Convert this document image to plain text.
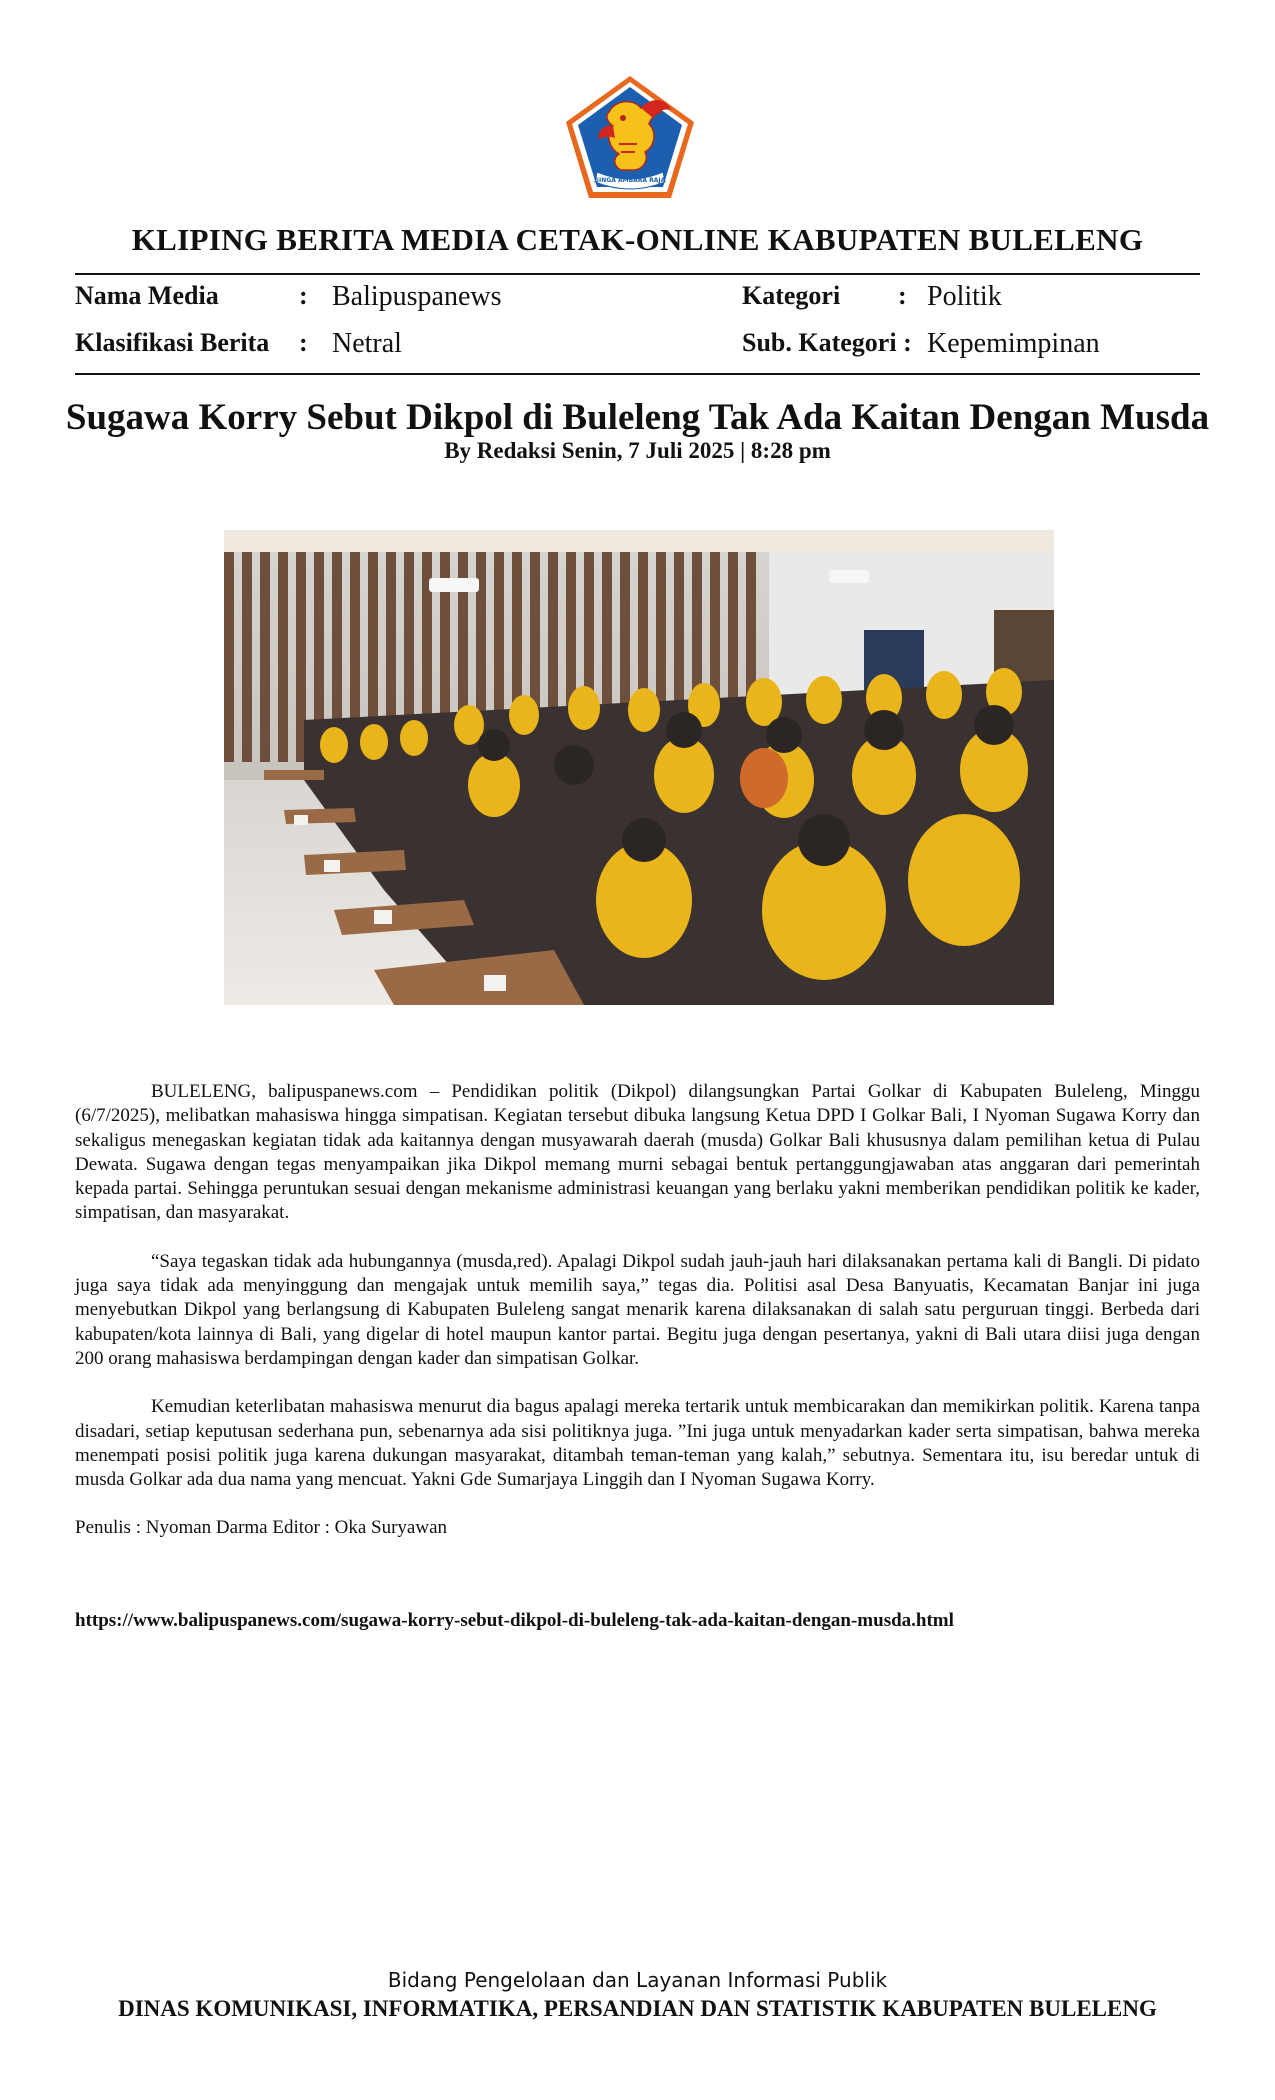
SINGA AMBARA RAJA
KLIPING BERITA MEDIA CETAK-ONLINE KABUPATEN BULELENG
Nama Media	: Balipuspanews	Kategori : Politik
Klasifikasi Berita : Netral	Sub. Kategori : Kepemimpinan
Sugawa Korry Sebut Dikpol di Buleleng Tak Ada Kaitan Dengan Musda
By Redaksi Senin, 7 Juli 2025 | 8:28 pm

BULELENG, balipuspanews.com – Pendidikan politik (Dikpol) dilangsungkan Partai Golkar di Kabupaten Buleleng, Minggu (6/7/2025), melibatkan mahasiswa hingga simpatisan. Kegiatan tersebut dibuka langsung Ketua DPD I Golkar Bali, I Nyoman Sugawa Korry dan sekaligus menegaskan kegiatan tidak ada kaitannya dengan musyawarah daerah (musda) Golkar Bali khususnya dalam pemilihan ketua di Pulau Dewata. Sugawa dengan tegas menyampaikan jika Dikpol memang murni sebagai bentuk pertanggungjawaban atas anggaran dari pemerintah kepada partai. Sehingga peruntukan sesuai dengan mekanisme administrasi keuangan yang berlaku yakni memberikan pendidikan politik ke kader, simpatisan, dan masyarakat.

“Saya tegaskan tidak ada hubungannya (musda,red). Apalagi Dikpol sudah jauh-jauh hari dilaksanakan pertama kali di Bangli. Di pidato juga saya tidak ada menyinggung dan mengajak untuk memilih saya,” tegas dia. Politisi asal Desa Banyuatis, Kecamatan Banjar ini juga menyebutkan Dikpol yang berlangsung di Kabupaten Buleleng sangat menarik karena dilaksanakan di salah satu perguruan tinggi. Berbeda dari kabupaten/kota lainnya di Bali, yang digelar di hotel maupun kantor partai. Begitu juga dengan pesertanya, yakni di Bali utara diisi juga dengan 200 orang mahasiswa berdampingan dengan kader dan simpatisan Golkar.

Kemudian keterlibatan mahasiswa menurut dia bagus apalagi mereka tertarik untuk membicarakan dan memikirkan politik. Karena tanpa disadari, setiap keputusan sederhana pun, sebenarnya ada sisi politiknya juga. ”Ini juga untuk menyadarkan kader serta simpatisan, bahwa mereka menempati posisi politik juga karena dukungan masyarakat, ditambah teman-teman yang kalah,” sebutnya. Sementara itu, isu beredar untuk di musda Golkar ada dua nama yang mencuat. Yakni Gde Sumarjaya Linggih dan I Nyoman Sugawa Korry.

Penulis : Nyoman Darma Editor : Oka Suryawan

https://www.balipuspanews.com/sugawa-korry-sebut-dikpol-di-buleleng-tak-ada-kaitan-dengan-musda.html
Bidang Pengelolaan dan Layanan Informasi Publik
DINAS KOMUNIKASI, INFORMATIKA, PERSANDIAN DAN STATISTIK KABUPATEN BULELENG
